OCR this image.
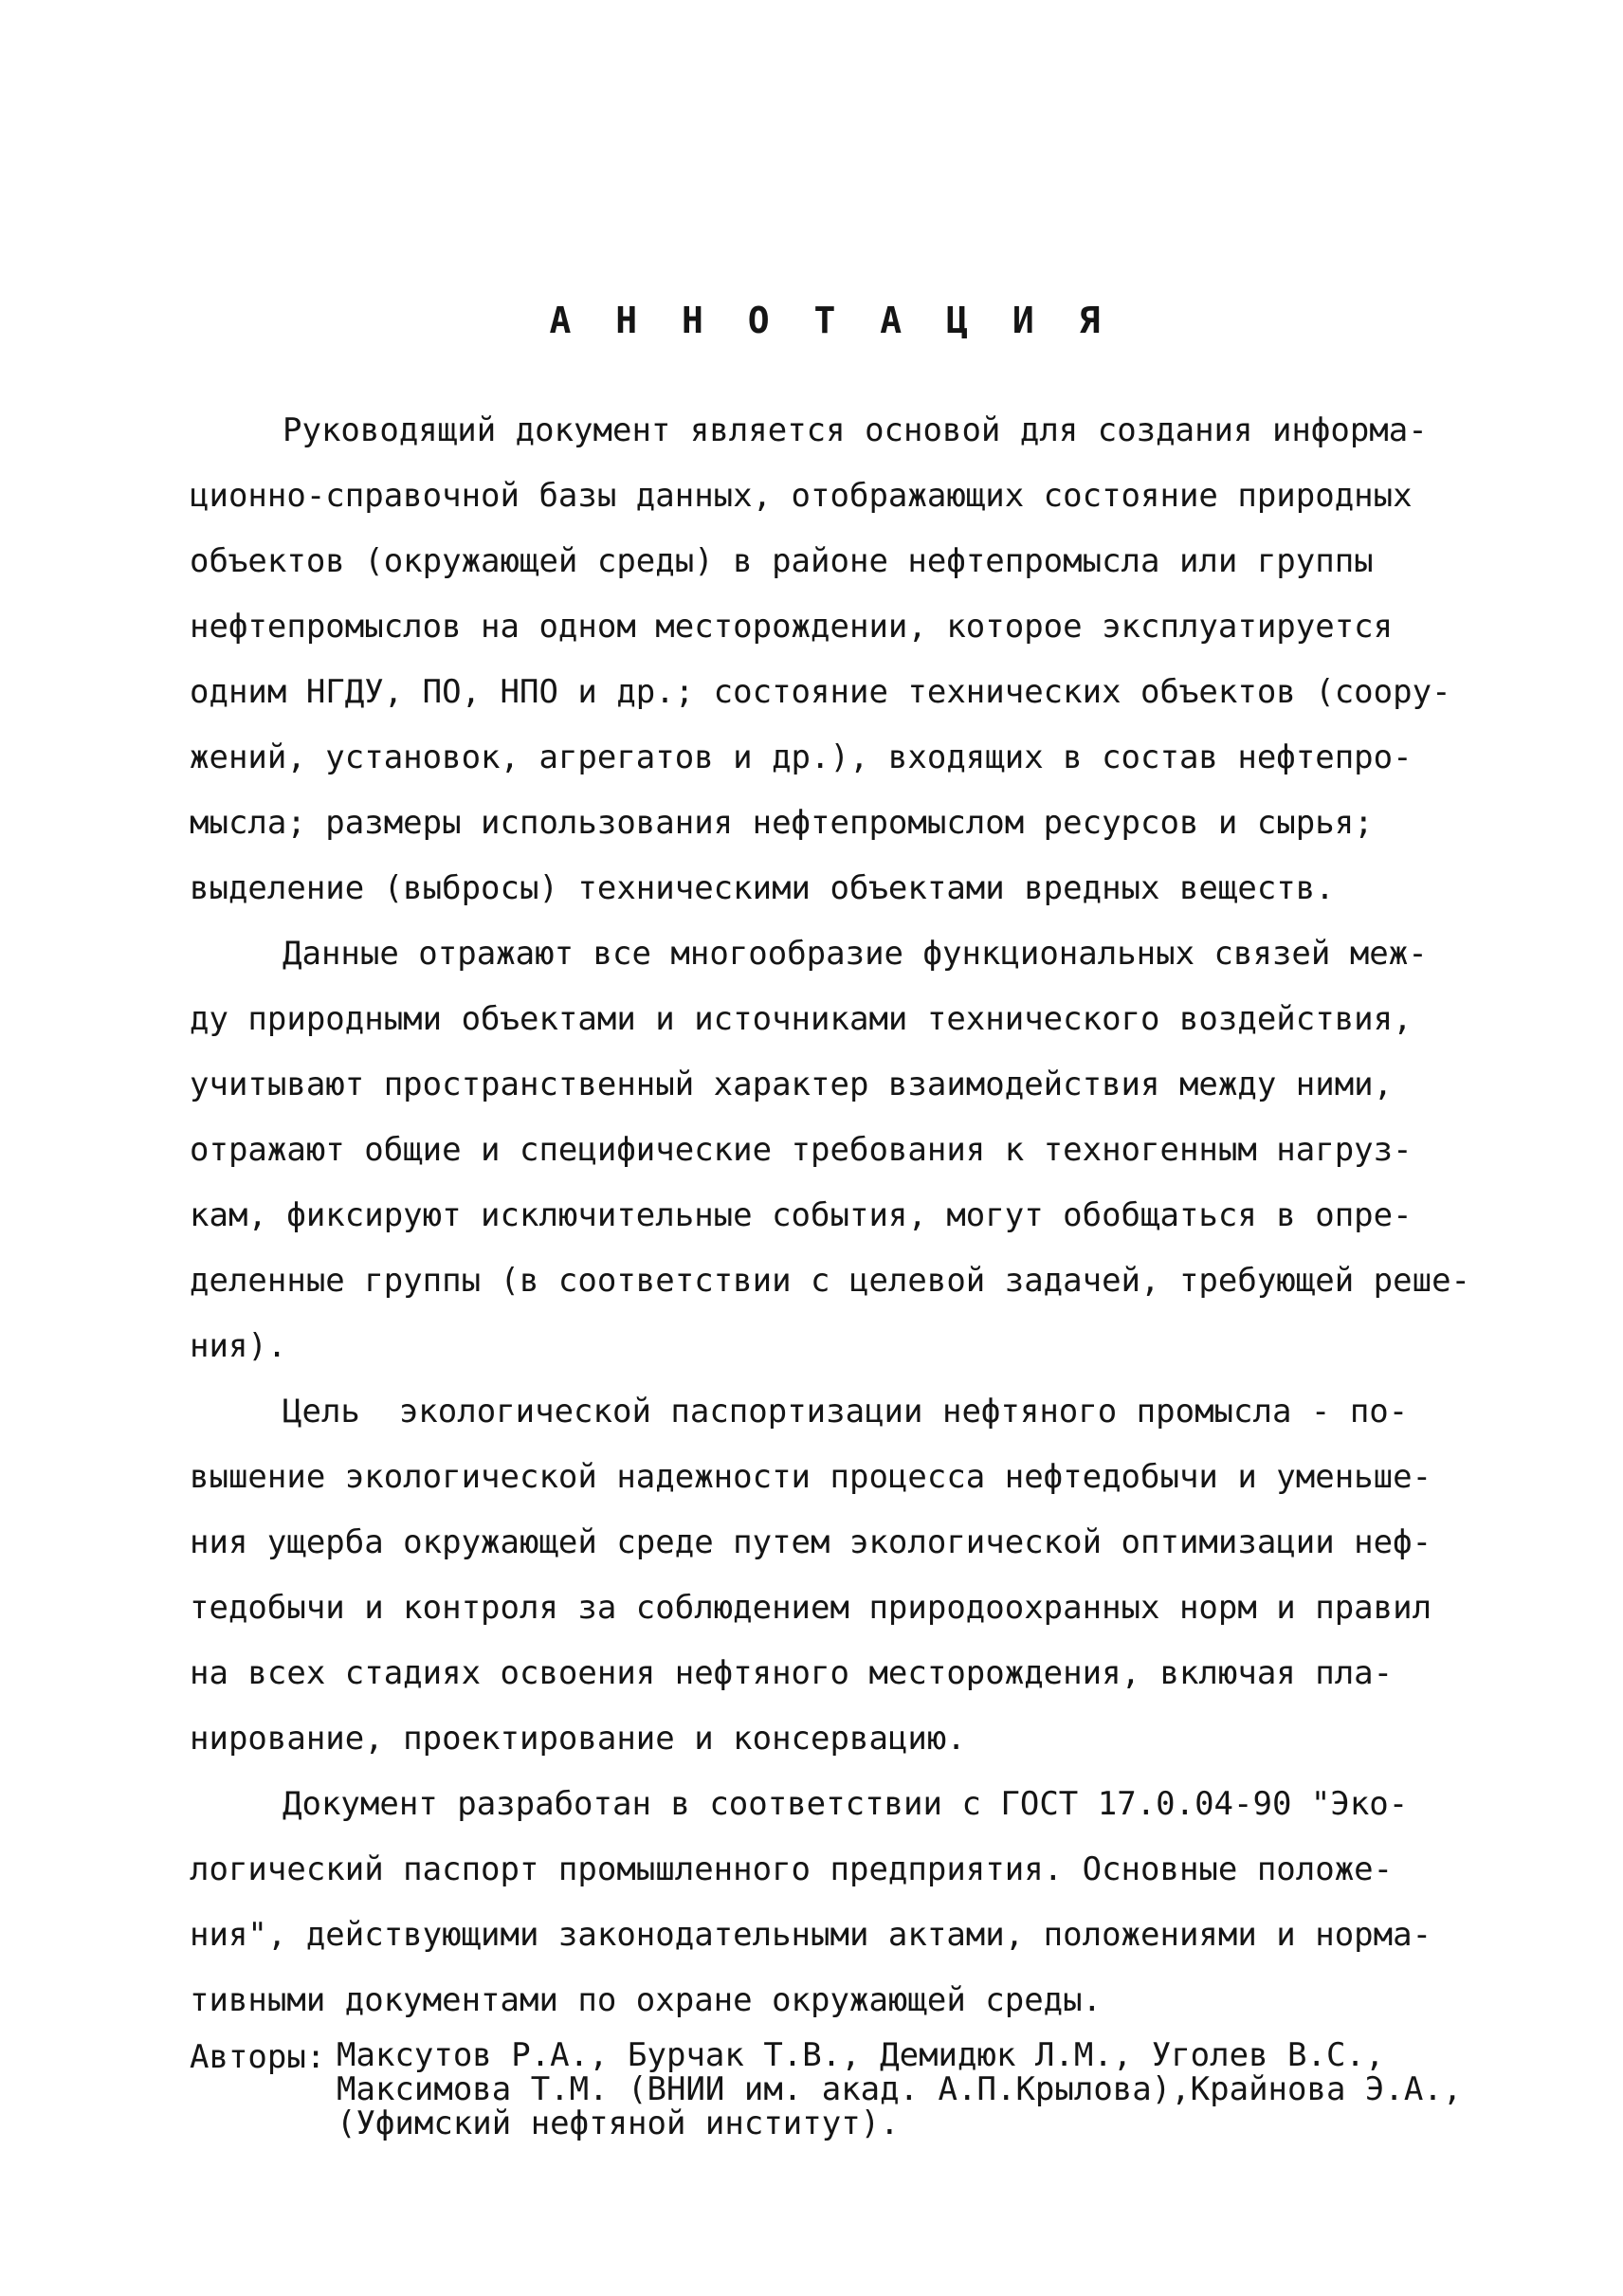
А Н Н О Т А Ц И Я
Руководящий документ является основой для создания информа-
ционно-справочной базы данных, отображающих состояние природных
объектов (окружающей среды) в районе нефтепромысла или группы
нефтепромыслов на одном месторождении, которое эксплуатируется
одним НГДУ, ПО, НПО и др.; состояние технических объектов (соору-
жений, установок, агрегатов и др.), входящих в состав нефтепро-
мысла; размеры использования нефтепромыслом ресурсов и сырья;
выделение (выбросы) техническими объектами вредных веществ.
Данные отражают все многообразие функциональных связей меж-
ду природными объектами и источниками технического воздействия,
учитывают пространственный характер взаимодействия между ними,
отражают общие и специфические требования к техногенным нагруз-
кам, фиксируют исключительные события, могут обобщаться в опре-
деленные группы (в соответствии с целевой задачей, требующей реше-
ния).
Цель  экологической паспортизации нефтяного промысла - по-
вышение экологической надежности процесса нефтедобычи и уменьше-
ния ущерба окружающей среде путем экологической оптимизации неф-
тедобычи и контроля за соблюдением природоохранных норм и правил
на всех стадиях освоения нефтяного месторождения, включая пла-
нирование, проектирование и консервацию.
Документ разработан в соответствии с ГОСТ 17.0.04-90 "Эко-
логический паспорт промышленного предприятия. Основные положе-
ния", действующими законодательными актами, положениями и норма-
тивными документами по охране окружающей среды.
Авторы: Максутов Р.А., Бурчак Т.В., Демидюк Л.М., Уголев В.С.,
Максимова Т.М. (ВНИИ им. акад. А.П.Крылова),Крайнова Э.А.,
(Уфимский нефтяной институт).
